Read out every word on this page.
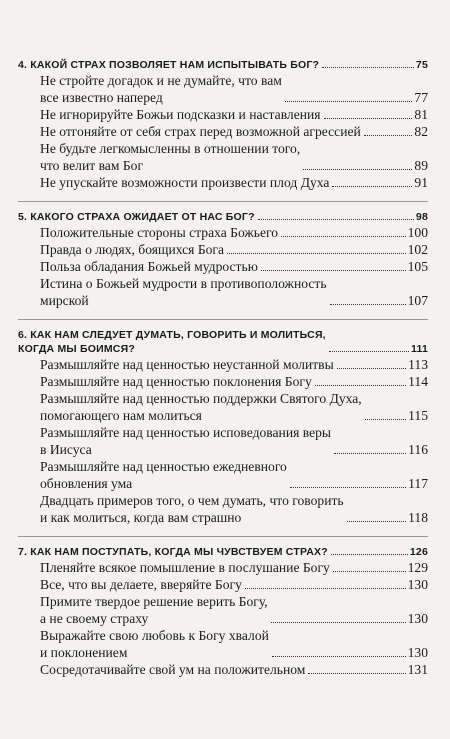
4. КАКОЙ СТРАХ ПОЗВОЛЯЕТ НАМ ИСПЫТЫВАТЬ БОГ?	75
Не стройте догадок и не думайте, что вам
все известно наперед	77
Не игнорируйте Божьи подсказки и наставления	81
Не отгоняйте от себя страх перед возможной агрессией	82
Не будьте легкомысленны в отношении того,
что велит вам Бог	89
Не упускайте возможности произвести плод Духа	91
5. КАКОГО СТРАХА ОЖИДАЕТ ОТ НАС БОГ?	98
Положительные стороны страха Божьего	100
Правда о людях, боящихся Бога	102
Польза обладания Божьей мудростью	105
Истина о Божьей мудрости в противоположность
мирской	107
6. КАК НАМ СЛЕДУЕТ ДУМАТЬ, ГОВОРИТЬ И МОЛИТЬСЯ,
КОГДА МЫ БОИМСЯ?	111
Размышляйте над ценностью неустанной молитвы	113
Размышляйте над ценностью поклонения Богу	114
Размышляйте над ценностью поддержки Святого Духа,
помогающего нам молиться	115
Размышляйте над ценностью исповедования веры
в Иисуса	116
Размышляйте над ценностью ежедневного
обновления ума	117
Двадцать примеров того, о чем думать, что говорить
и как молиться, когда вам страшно	118
7. КАК НАМ ПОСТУПАТЬ, КОГДА МЫ ЧУВСТВУЕМ СТРАХ?	126
Пленяйте всякое помышление в послушание Богу	129
Все, что вы делаете, вверяйте Богу	130
Примите твердое решение верить Богу,
а не своему страху	130
Выражайте свою любовь к Богу хвалой
и поклонением	130
Сосредотачивайте свой ум на положительном	131
